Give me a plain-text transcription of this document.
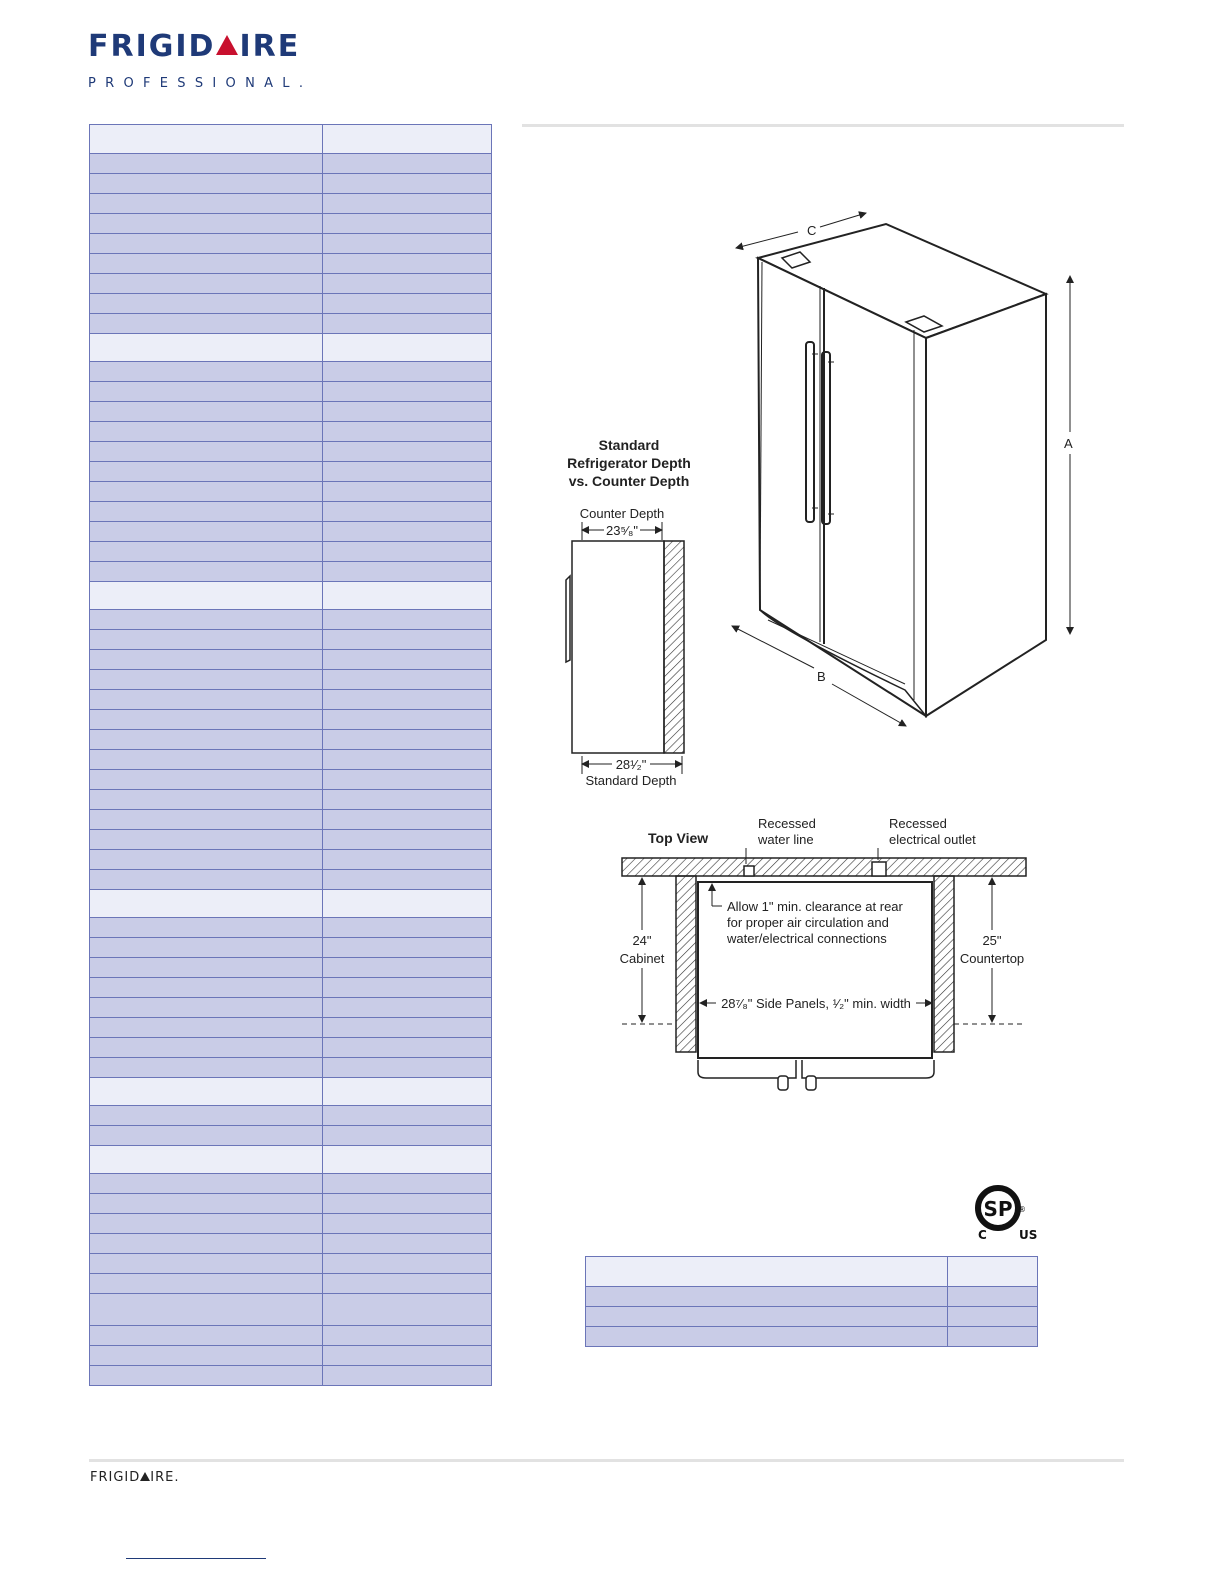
FRIGID IRE
PROFESSIONAL.
C
A
B
Standard
Refrigerator Depth
vs. Counter Depth
Counter Depth
23⁵⁄₈"
28¹⁄₂"
Standard Depth
Top View
Recessed
water line
Recessed
electrical outlet
Allow 1" min. clearance at rear
for proper air circulation and
water/electrical connections
24"
Cabinet
25"
Countertop
28⁷⁄₈" Side Panels, ¹⁄₂" min. width
SP ®
C	US
FRIGID IRE.
